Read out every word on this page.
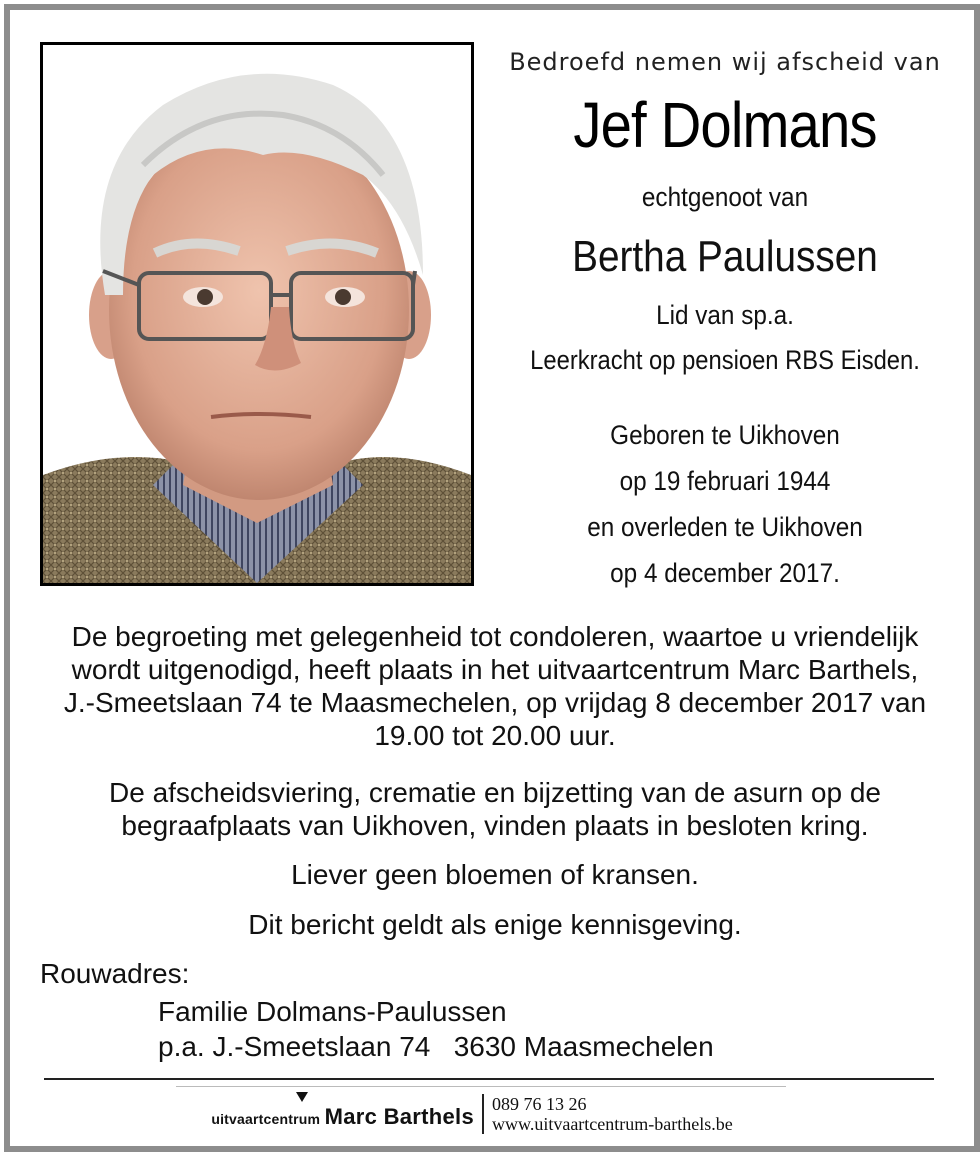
Bedroefd nemen wij afscheid van
Jef Dolmans
echtgenoot van
Bertha Paulussen
Lid van sp.a.
Leerkracht op pensioen RBS Eisden.
Geboren te Uikhoven
op 19 februari 1944
en overleden te Uikhoven
op 4 december 2017.
De begroeting met gelegenheid tot condoleren, waartoe u vriendelijk
wordt uitgenodigd, heeft plaats in het uitvaartcentrum Marc Barthels,
J.-Smeetslaan 74 te Maasmechelen, op vrijdag 8 december 2017 van
19.00 tot 20.00 uur.
De afscheidsviering, crematie en bijzetting van de asurn op de
begraafplaats van Uikhoven, vinden plaats in besloten kring.
Liever geen bloemen of kransen.
Dit bericht geldt als enige kennisgeving.
Rouwadres:
Familie Dolmans-Paulussen
p.a. J.-Smeetslaan 74   3630 Maasmechelen
uitvaartcentrum Marc Barthels 089 76 13 26
www.uitvaartcentrum-barthels.be
